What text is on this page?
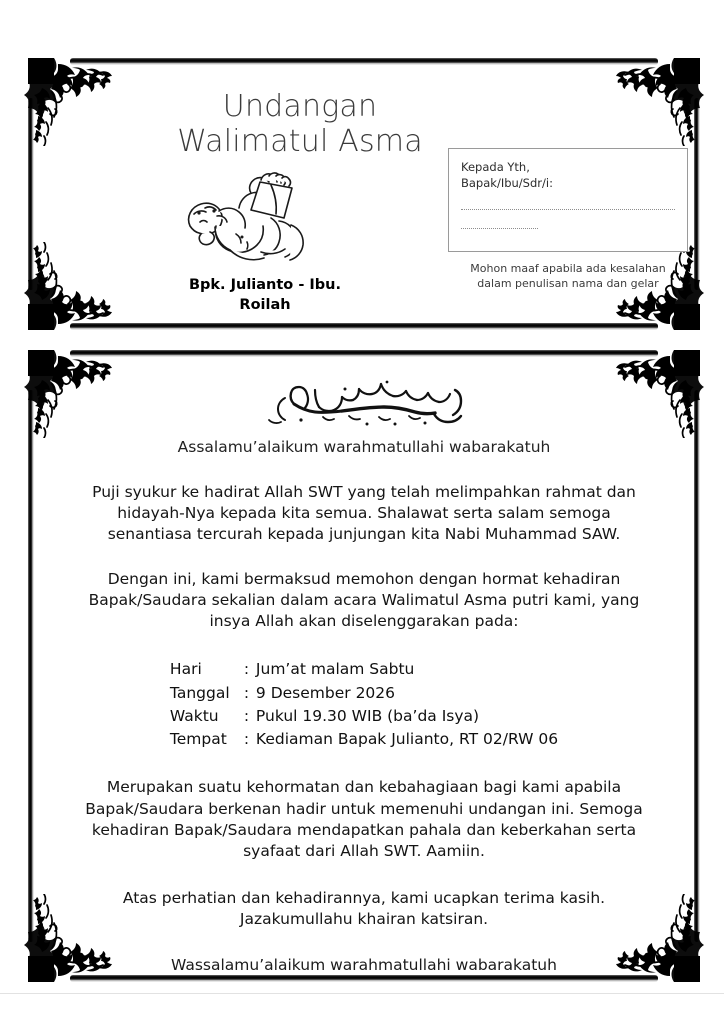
Undangan
Walimatul Asma
Bpk. Julianto - Ibu.
Roilah
Kepada Yth,
Bapak/Ibu/Sdr/i:
Mohon maaf apabila ada kesalahan
dalam penulisan nama dan gelar
Assalamu’alaikum warahmatullahi wabarakatuh
Puji syukur ke hadirat Allah SWT yang telah melimpahkan rahmat dan hidayah-Nya kepada kita semua. Shalawat serta salam semoga senantiasa tercurah kepada junjungan kita Nabi Muhammad SAW.
Dengan ini, kami bermaksud memohon dengan hormat kehadiran Bapak/Saudara sekalian dalam acara Walimatul Asma putri kami, yang insya Allah akan diselenggarakan pada:
Hari	: Jum’at malam Sabtu
Tanggal : 9 Desember 2026
Waktu	: Pukul 19.30 WIB (ba’da Isya)
Tempat	: Kediaman Bapak Julianto, RT 02/RW 06
Merupakan suatu kehormatan dan kebahagiaan bagi kami apabila Bapak/Saudara berkenan hadir untuk memenuhi undangan ini. Semoga kehadiran Bapak/Saudara mendapatkan pahala dan keberkahan serta syafaat dari Allah SWT. Aamiin.
Atas perhatian dan kehadirannya, kami ucapkan terima kasih. Jazakumullahu khairan katsiran.
Wassalamu’alaikum warahmatullahi wabarakatuh
